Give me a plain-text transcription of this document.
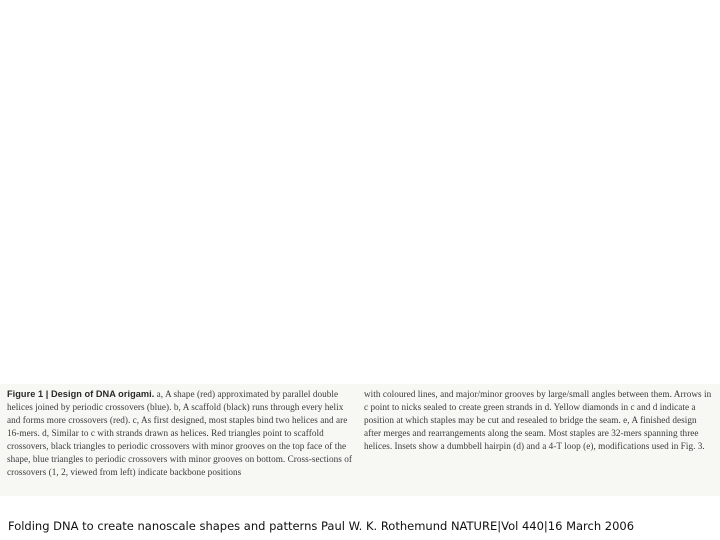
Figure 1 | Design of DNA origami. a, A shape (red) approximated by parallel double helices joined by periodic crossovers (blue). b, A scaffold (black) runs through every helix and forms more crossovers (red). c, As first designed, most staples bind two helices and are 16-mers. d, Similar to c with strands drawn as helices. Red triangles point to scaffold crossovers, black triangles to periodic crossovers with minor grooves on the top face of the shape, blue triangles to periodic crossovers with minor grooves on bottom. Cross-sections of crossovers (1, 2, viewed from left) indicate backbone positions
with coloured lines, and major/minor grooves by large/small angles between them. Arrows in c point to nicks sealed to create green strands in d. Yellow diamonds in c and d indicate a position at which staples may be cut and resealed to bridge the seam. e, A finished design after merges and rearrangements along the seam. Most staples are 32-mers spanning three helices. Insets show a dumbbell hairpin (d) and a 4-T loop (e), modifications used in Fig. 3.
Folding DNA to create nanoscale shapes and patterns Paul W. K. Rothemund NATURE|Vol 440|16 March 2006
